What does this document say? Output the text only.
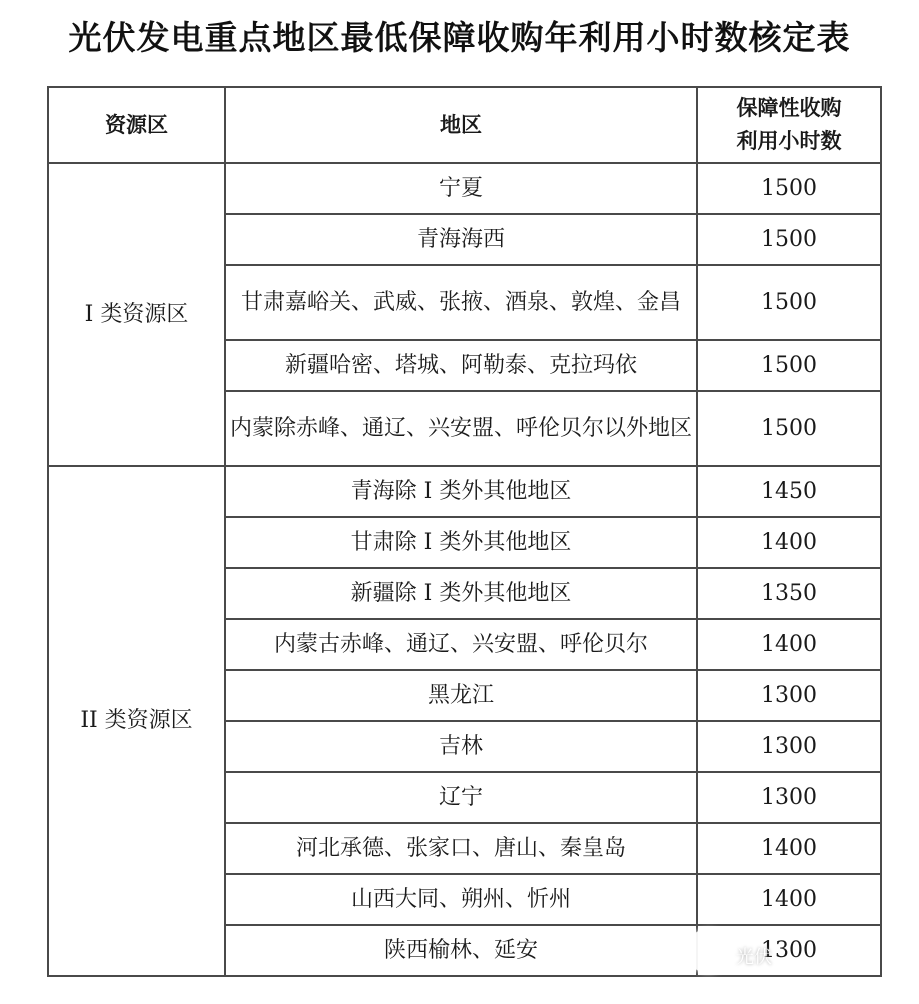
光伏发电重点地区最低保障收购年利用小时数核定表
资源区	地区	保障性收购
利用小时数

I 类资源区	宁夏	1500
	青海海西	1500
	甘肃嘉峪关、武威、张掖、酒泉、敦煌、金昌	1500
	新疆哈密、塔城、阿勒泰、克拉玛依	1500
	内蒙除赤峰、通辽、兴安盟、呼伦贝尔以外地区	1500
II 类资源区	青海除 I 类外其他地区	1450
	甘肃除 I 类外其他地区	1400
	新疆除 I 类外其他地区	1350
	内蒙古赤峰、通辽、兴安盟、呼伦贝尔	1400
	黑龙江	1300
	吉林	1300
	辽宁	1300
	河北承德、张家口、唐山、秦皇岛	1400
	山西大同、朔州、忻州	1400
	陕西榆林、延安	1300
光伏
